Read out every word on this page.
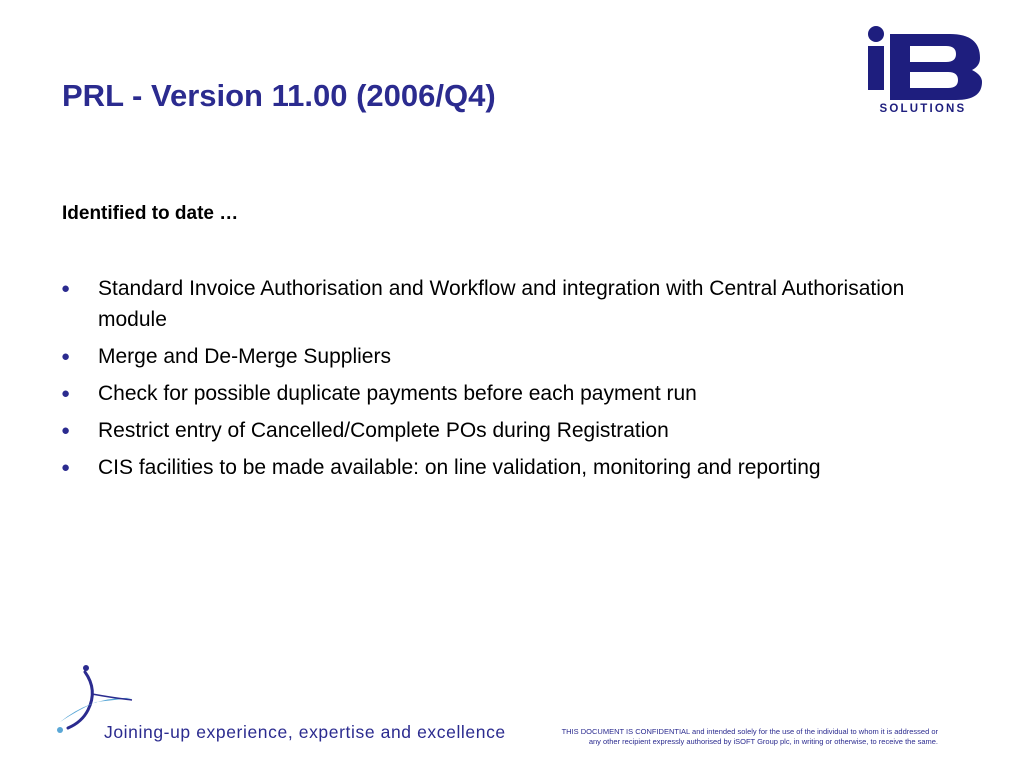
PRL - Version 11.00 (2006/Q4)	SOLUTIONS
Identified to date …
● Standard Invoice Authorisation and Workflow and integration with Central Authorisation module
● Merge and De-Merge Suppliers
● Check for possible duplicate payments before each payment run
● Restrict entry of Cancelled/Complete POs during Registration
● CIS facilities to be made available: on line validation, monitoring and reporting
Joining-up experience, expertise and excellence	THIS DOCUMENT IS CONFIDENTIAL and intended solely for the use of the individual to whom it is addressed or
any other recipient expressly authorised by iSOFT Group plc, in writing or otherwise, to receive the same.
